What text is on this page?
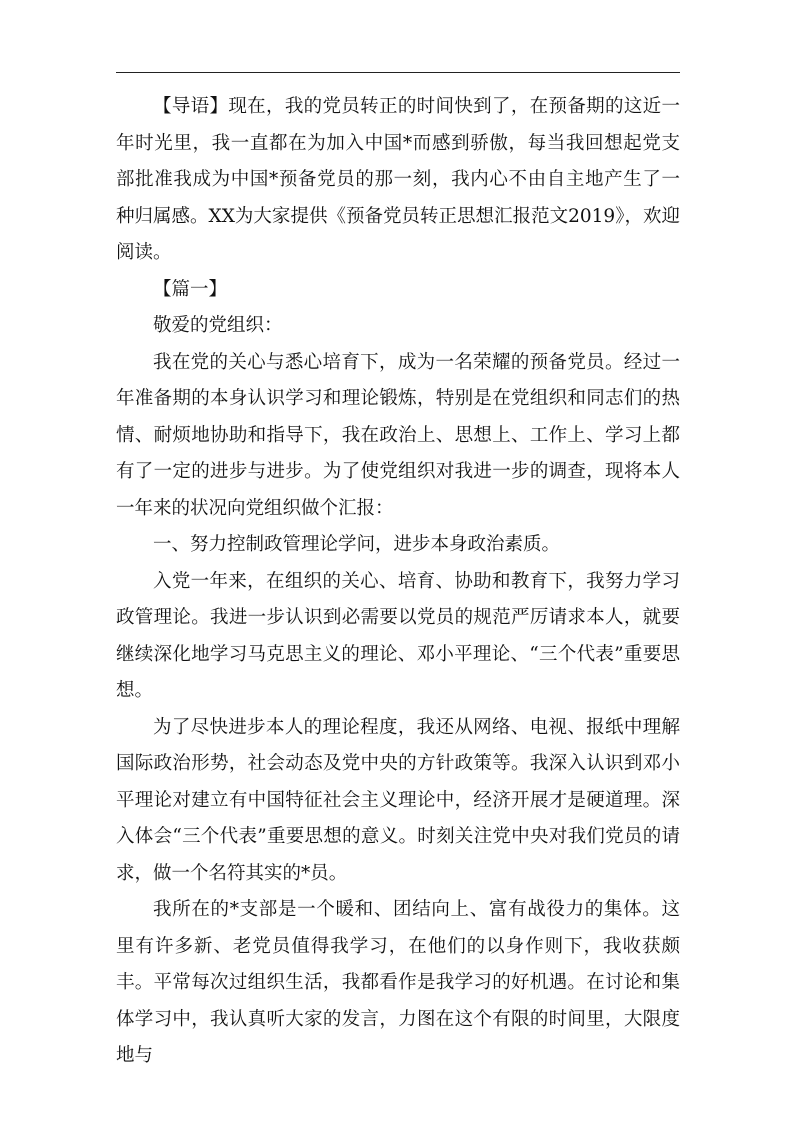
【导语】现在，我的党员转正的时间快到了，在预备期的这近一年时光里，我一直都在为加入中国*而感到骄傲，每当我回想起党支部批准我成为中国*预备党员的那一刻，我内心不由自主地产生了一种归属感。XX为大家提供《预备党员转正思想汇报范文2019》，欢迎阅读。

【篇一】

敬爱的党组织：

我在党的关心与悉心培育下，成为一名荣耀的预备党员。经过一年准备期的本身认识学习和理论锻炼，特别是在党组织和同志们的热情、耐烦地协助和指导下，我在政治上、思想上、工作上、学习上都有了一定的进步与进步。为了使党组织对我进一步的调查，现将本人一年来的状况向党组织做个汇报：

一、努力控制政管理论学问，进步本身政治素质。

入党一年来，在组织的关心、培育、协助和教育下，我努力学习政管理论。我进一步认识到必需要以党员的规范严厉请求本人，就要继续深化地学习马克思主义的理论、邓小平理论、“三个代表”重要思想。

为了尽快进步本人的理论程度，我还从网络、电视、报纸中理解国际政治形势，社会动态及党中央的方针政策等。我深入认识到邓小平理论对建立有中国特征社会主义理论中，经济开展才是硬道理。深入体会“三个代表”重要思想的意义。时刻关注党中央对我们党员的请求，做一个名符其实的*员。

我所在的*支部是一个暖和、团结向上、富有战役力的集体。这里有许多新、老党员值得我学习，在他们的以身作则下，我收获颇丰。平常每次过组织生活，我都看作是我学习的好机遇。在讨论和集体学习中，我认真听大家的发言，力图在这个有限的时间里，大限度地与
